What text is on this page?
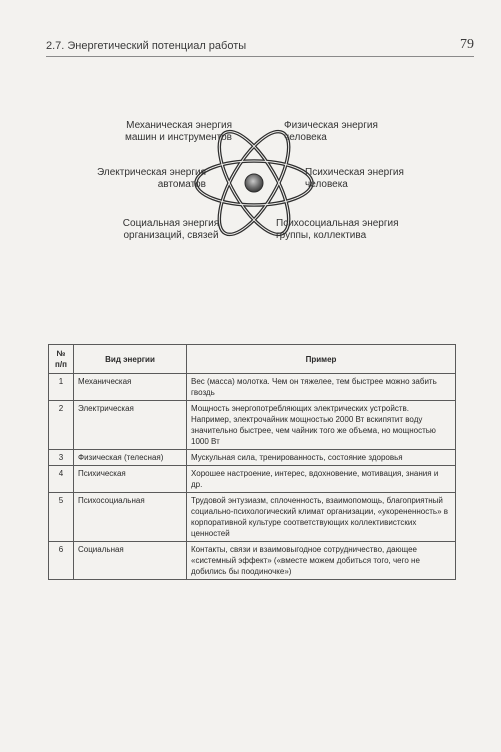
2.7. Энергетический потенциал работы	79
Механическая энергия
машин и инструментов
Физическая энергия
человека
Электрическая энергия
автоматов
Психическая энергия
человека
Социальная энергия
организаций, связей
Психосоциальная энергия
группы, коллектива
№ п/п	Вид энергии	Пример
1	Механическая	Вес (масса) молотка. Чем он тяжелее, тем быстрее можно забить гвоздь
2	Электрическая	Мощность энергопотребляющих электрических устройств. Например, электрочайник мощностью 2000 Вт вскипятит воду значительно быстрее, чем чайник того же объема, но мощностью 1000 Вт
3	Физическая (телесная)	Мускульная сила, тренированность, состояние здоровья
4	Психическая	Хорошее настроение, интерес, вдохновение, мотивация, знания и др.
5	Психосоциальная	Трудовой энтузиазм, сплоченность, взаимопомощь, благоприятный социально-психологический климат организации, «укорененность» в корпоративной культуре соответствующих коллективистских ценностей
6	Социальная	Контакты, связи и взаимовыгодное сотрудничество, дающее «системный эффект» («вместе можем добиться того, чего не добились бы поодиночке»)
